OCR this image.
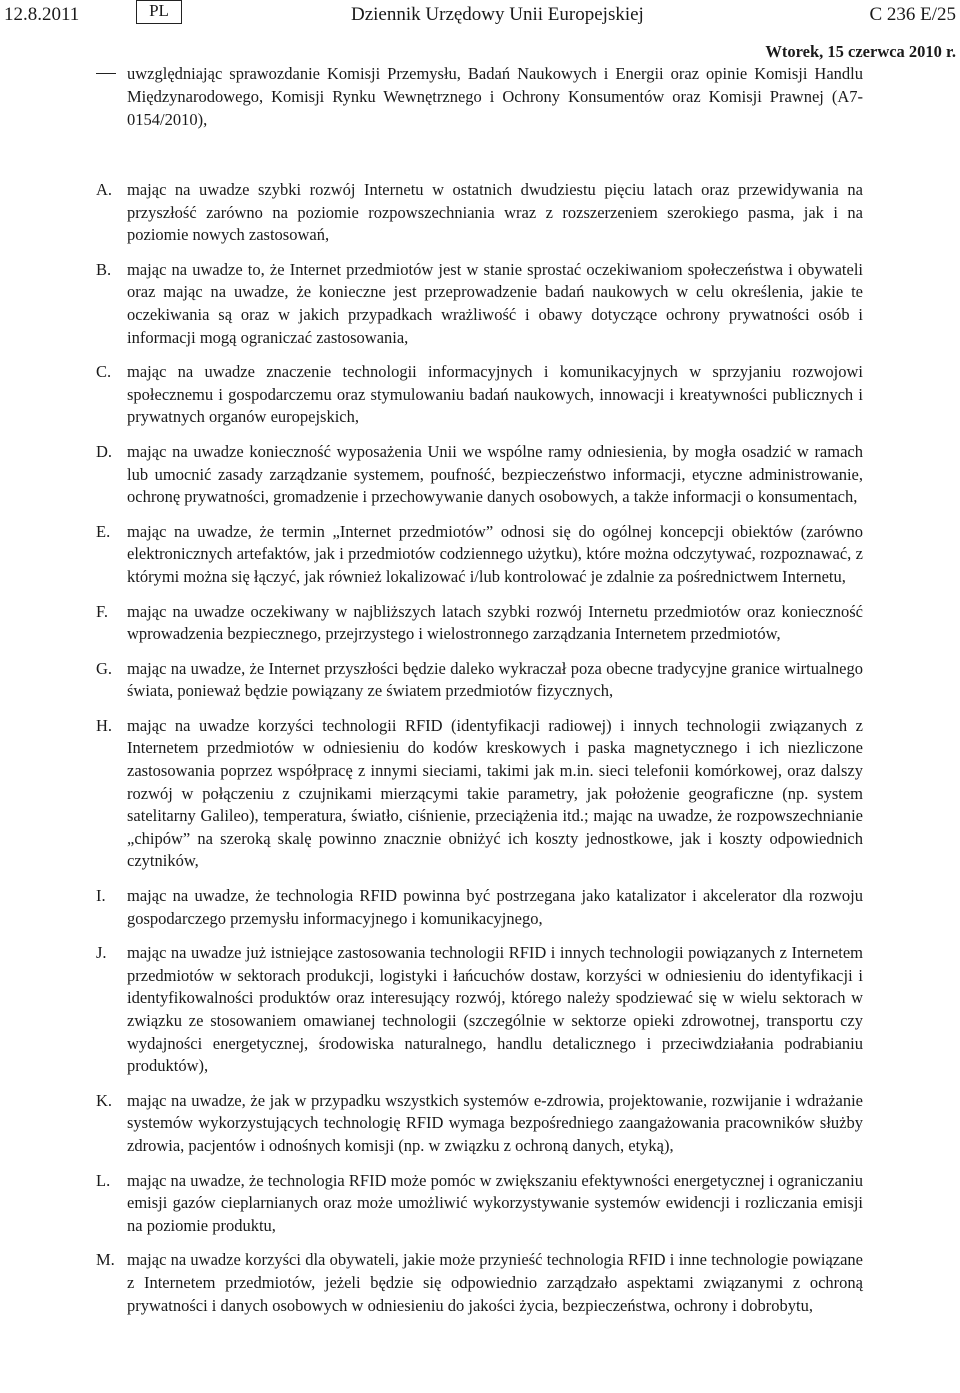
12.8.2011	PL	Dziennik Urzędowy Unii Europejskiej	C 236 E/25
Wtorek, 15 czerwca 2010 r.
uwzględniając sprawozdanie Komisji Przemysłu, Badań Naukowych i Energii oraz opinie Komisji Handlu Międzynarodowego, Komisji Rynku Wewnętrznego i Ochrony Konsumentów oraz Komisji Prawnej (A7-0154/2010),
A. mając na uwadze szybki rozwój Internetu w ostatnich dwudziestu pięciu latach oraz przewidywania na przyszłość zarówno na poziomie rozpowszechniania wraz z rozszerzeniem szerokiego pasma, jak i na poziomie nowych zastosowań,
B. mając na uwadze to, że Internet przedmiotów jest w stanie sprostać oczekiwaniom społeczeństwa i obywateli oraz mając na uwadze, że konieczne jest przeprowadzenie badań naukowych w celu określenia, jakie te oczekiwania są oraz w jakich przypadkach wrażliwość i obawy dotyczące ochrony prywatności osób i informacji mogą ograniczać zastosowania,
C. mając na uwadze znaczenie technologii informacyjnych i komunikacyjnych w sprzyjaniu rozwojowi społecznemu i gospodarczemu oraz stymulowaniu badań naukowych, innowacji i kreatywności publicznych i prywatnych organów europejskich,
D. mając na uwadze konieczność wyposażenia Unii we wspólne ramy odniesienia, by mogła osadzić w ramach lub umocnić zasady zarządzanie systemem, poufność, bezpieczeństwo informacji, etyczne administrowanie, ochronę prywatności, gromadzenie i przechowywanie danych osobowych, a także informacji o konsumentach,
E. mając na uwadze, że termin „Internet przedmiotów” odnosi się do ogólnej koncepcji obiektów (zarówno elektronicznych artefaktów, jak i przedmiotów codziennego użytku), które można odczytywać, rozpoznawać, z którymi można się łączyć, jak również lokalizować i/lub kontrolować je zdalnie za pośrednictwem Internetu,
F. mając na uwadze oczekiwany w najbliższych latach szybki rozwój Internetu przedmiotów oraz konieczność wprowadzenia bezpiecznego, przejrzystego i wielostronnego zarządzania Internetem przedmiotów,
G. mając na uwadze, że Internet przyszłości będzie daleko wykraczał poza obecne tradycyjne granice wirtualnego świata, ponieważ będzie powiązany ze światem przedmiotów fizycznych,
H. mając na uwadze korzyści technologii RFID (identyfikacji radiowej) i innych technologii związanych z Internetem przedmiotów w odniesieniu do kodów kreskowych i paska magnetycznego i ich niezliczone zastosowania poprzez współpracę z innymi sieciami, takimi jak m.in. sieci telefonii komórkowej, oraz dalszy rozwój w połączeniu z czujnikami mierzącymi takie parametry, jak położenie geograficzne (np. system satelitarny Galileo), temperatura, światło, ciśnienie, przeciążenia itd.; mając na uwadze, że rozpowszechnianie „chipów” na szeroką skalę powinno znacznie obniżyć ich koszty jednostkowe, jak i koszty odpowiednich czytników,
I. mając na uwadze, że technologia RFID powinna być postrzegana jako katalizator i akcelerator dla rozwoju gospodarczego przemysłu informacyjnego i komunikacyjnego,
J. mając na uwadze już istniejące zastosowania technologii RFID i innych technologii powiązanych z Internetem przedmiotów w sektorach produkcji, logistyki i łańcuchów dostaw, korzyści w odniesieniu do identyfikacji i identyfikowalności produktów oraz interesujący rozwój, którego należy spodziewać się w wielu sektorach w związku ze stosowaniem omawianej technologii (szczególnie w sektorze opieki zdrowotnej, transportu czy wydajności energetycznej, środowiska naturalnego, handlu detalicznego i przeciwdziałania podrabianiu produktów),
K. mając na uwadze, że jak w przypadku wszystkich systemów e-zdrowia, projektowanie, rozwijanie i wdrażanie systemów wykorzystujących technologię RFID wymaga bezpośredniego zaangażowania pracowników służby zdrowia, pacjentów i odnośnych komisji (np. w związku z ochroną danych, etyką),
L. mając na uwadze, że technologia RFID może pomóc w zwiększaniu efektywności energetycznej i ograniczaniu emisji gazów cieplarnianych oraz może umożliwić wykorzystywanie systemów ewidencji i rozliczania emisji na poziomie produktu,
M. mając na uwadze korzyści dla obywateli, jakie może przynieść technologia RFID i inne technologie powiązane z Internetem przedmiotów, jeżeli będzie się odpowiednio zarządzało aspektami związanymi z ochroną prywatności i danych osobowych w odniesieniu do jakości życia, bezpieczeństwa, ochrony i dobrobytu,
